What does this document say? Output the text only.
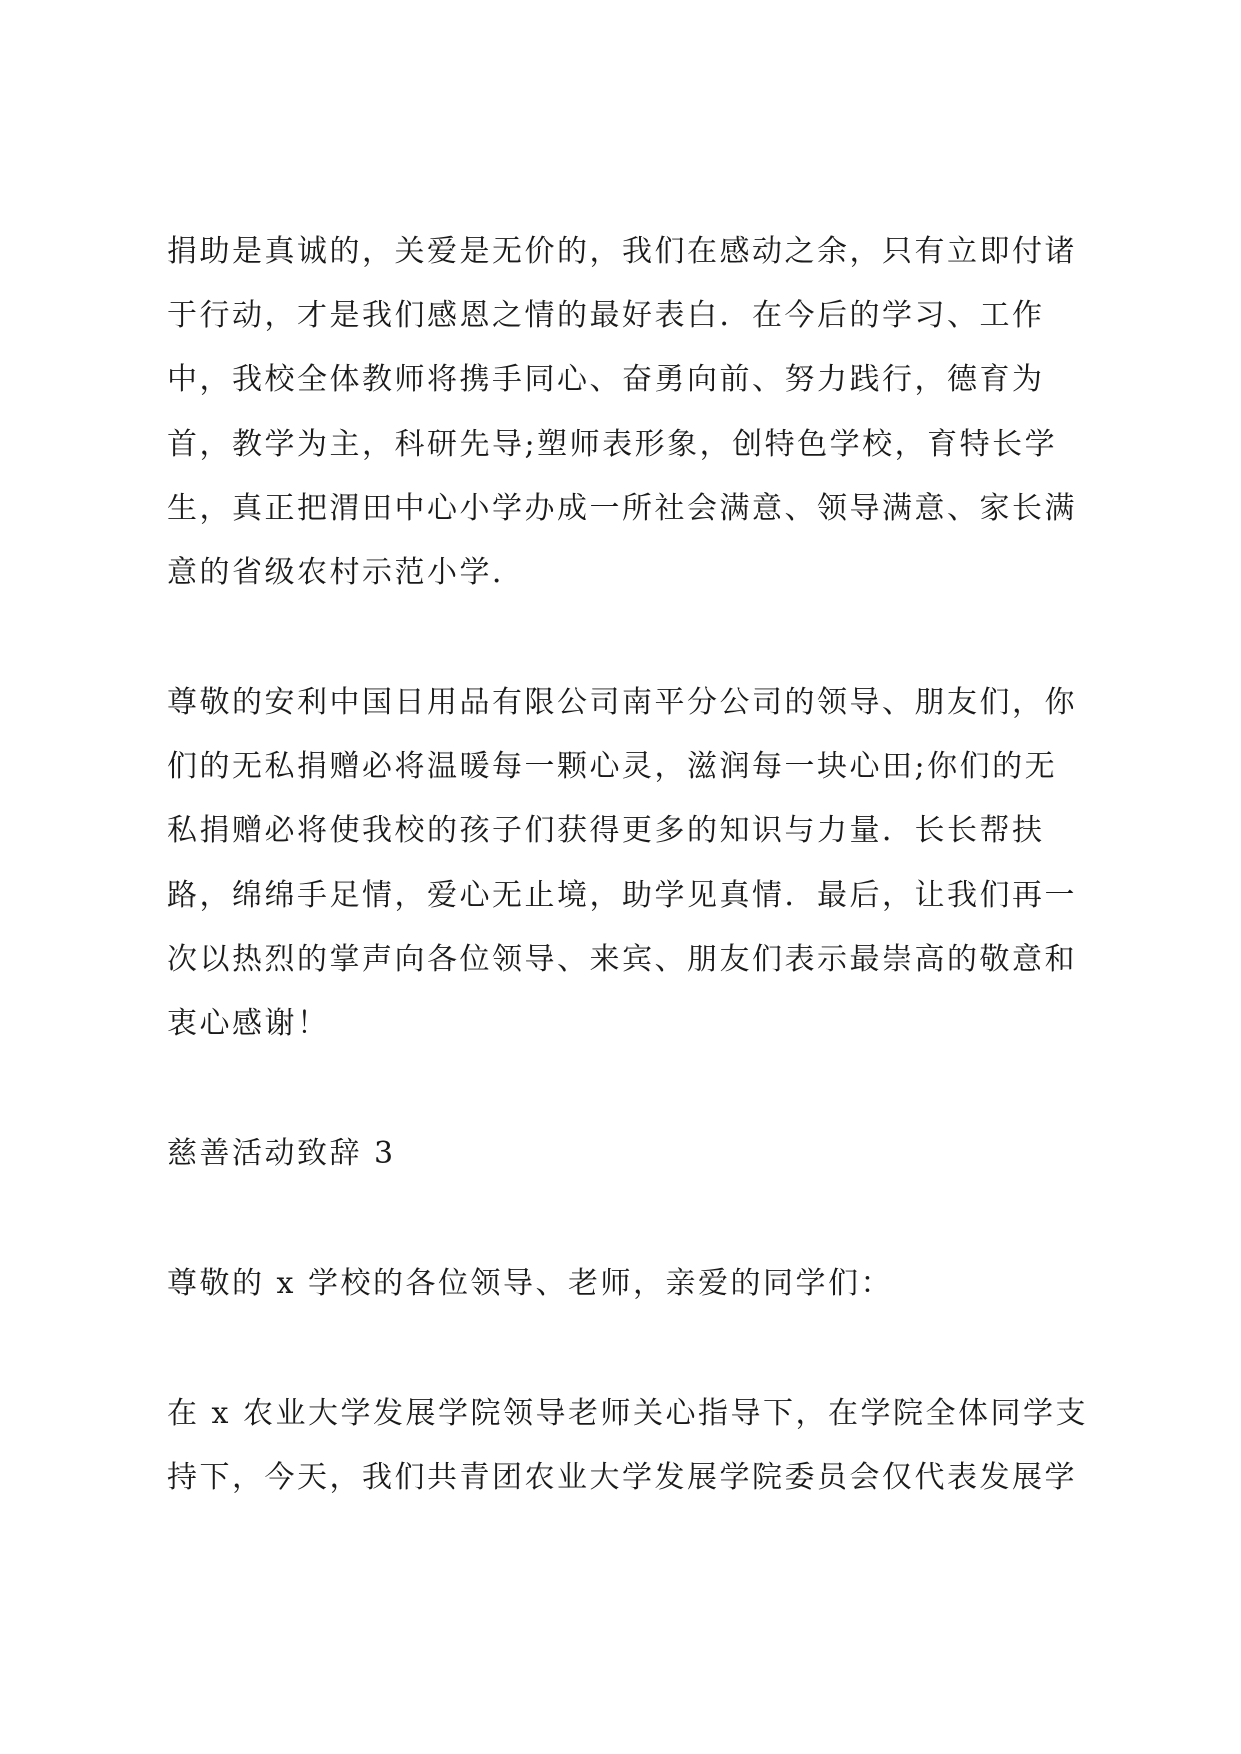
捐助是真诚的，关爱是无价的，我们在感动之余，只有立即付诸

于行动，才是我们感恩之情的最好表白．在今后的学习、工作

中，我校全体教师将携手同心、奋勇向前、努力践行，德育为

首，教学为主，科研先导;塑师表形象，创特色学校，育特长学

生，真正把渭田中心小学办成一所社会满意、领导满意、家长满

意的省级农村示范小学．

尊敬的安利中国日用品有限公司南平分公司的领导、朋友们，你

们的无私捐赠必将温暖每一颗心灵，滋润每一块心田;你们的无

私捐赠必将使我校的孩子们获得更多的知识与力量．长长帮扶

路，绵绵手足情，爱心无止境，助学见真情．最后，让我们再一

次以热烈的掌声向各位领导、来宾、朋友们表示最崇高的敬意和

衷心感谢！

慈善活动致辞 3

尊敬的 x 学校的各位领导、老师，亲爱的同学们：

在 x 农业大学发展学院领导老师关心指导下，在学院全体同学支

持下，今天，我们共青团农业大学发展学院委员会仅代表发展学
